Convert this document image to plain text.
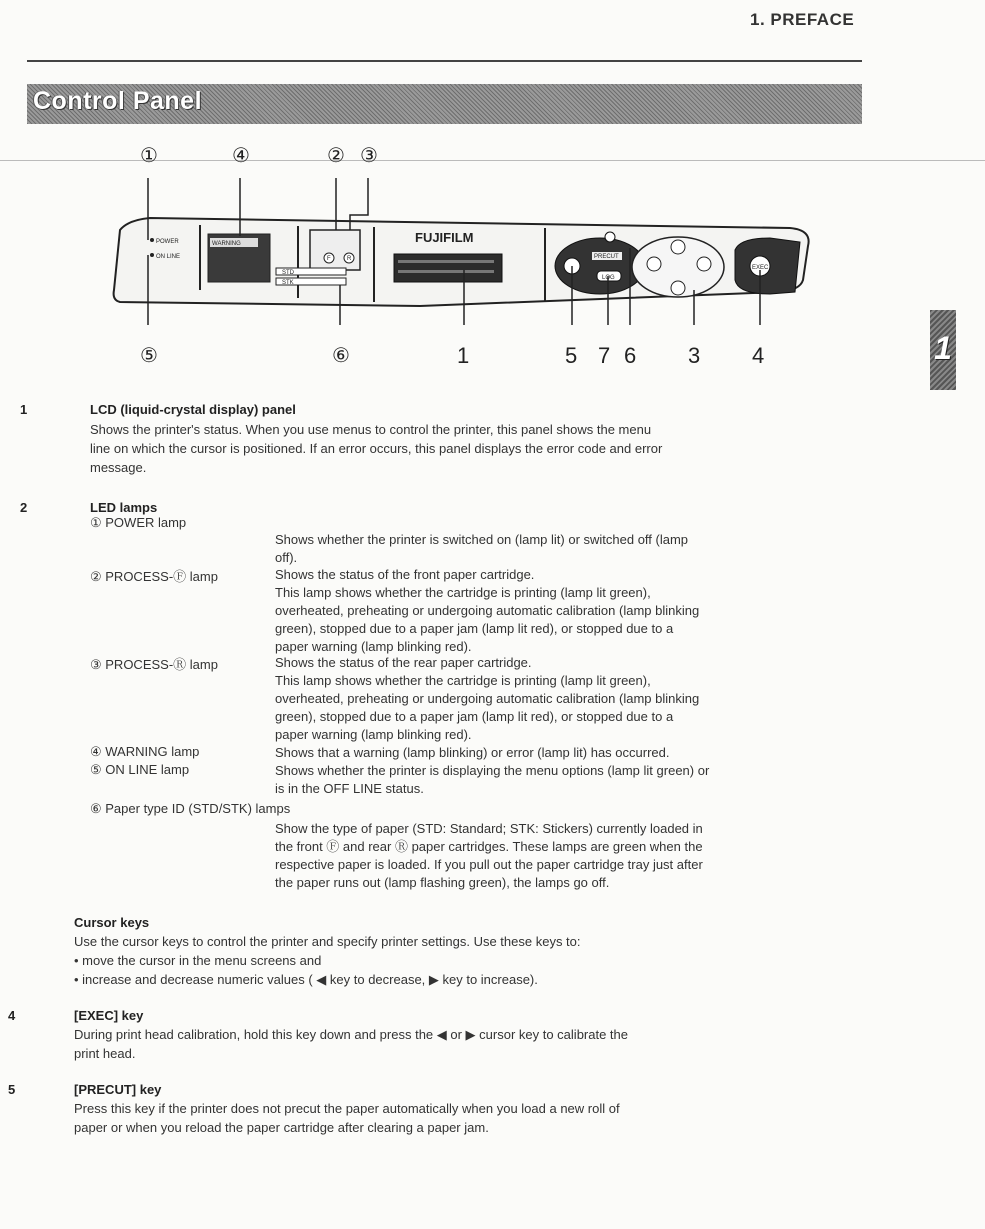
1. PREFACE
Control Panel
POWER
ON LINE
WARNING
F	R
STD
STK
FUJIFILM
PRECUT
LOG
EXEC
①	④	② ③
⑤	⑥	1	5 7 6 3 4	1
1	LCD (liquid-crystal display) panel
Shows the printer's status. When you use menus to control the printer, this panel shows the menu
line on which the cursor is positioned. If an error occurs, this panel displays the error code and error
message.
2	LED lamps
① POWER lamp
Shows whether the printer is switched on (lamp lit) or switched off (lamp
off).
② PROCESS-Ⓕ lamp	Shows the status of the front paper cartridge.
This lamp shows whether the cartridge is printing (lamp lit green),
overheated, preheating or undergoing automatic calibration (lamp blinking
green), stopped due to a paper jam (lamp lit red), or stopped due to a
paper warning (lamp blinking red).
③ PROCESS-Ⓡ lamp	Shows the status of the rear paper cartridge.
This lamp shows whether the cartridge is printing (lamp lit green),
overheated, preheating or undergoing automatic calibration (lamp blinking
green), stopped due to a paper jam (lamp lit red), or stopped due to a
paper warning (lamp blinking red).
④ WARNING lamp	Shows that a warning (lamp blinking) or error (lamp lit) has occurred.
⑤ ON LINE lamp	Shows whether the printer is displaying the menu options (lamp lit green) or
is in the OFF LINE status.
⑥ Paper type ID (STD/STK) lamps
Show the type of paper (STD: Standard; STK: Stickers) currently loaded in
the front Ⓕ and rear Ⓡ paper cartridges. These lamps are green when the
respective paper is loaded. If you pull out the paper cartridge tray just after
the paper runs out (lamp flashing green), the lamps go off.
Cursor keys
Use the cursor keys to control the printer and specify printer settings. Use these keys to:
• move the cursor in the menu screens and
• increase and decrease numeric values ( ◀ key to decrease, ▶ key to increase).
4	[EXEC] key
During print head calibration, hold this key down and press the ◀ or ▶ cursor key to calibrate the
print head.
5	[PRECUT] key
Press this key if the printer does not precut the paper automatically when you load a new roll of
paper or when you reload the paper cartridge after clearing a paper jam.
